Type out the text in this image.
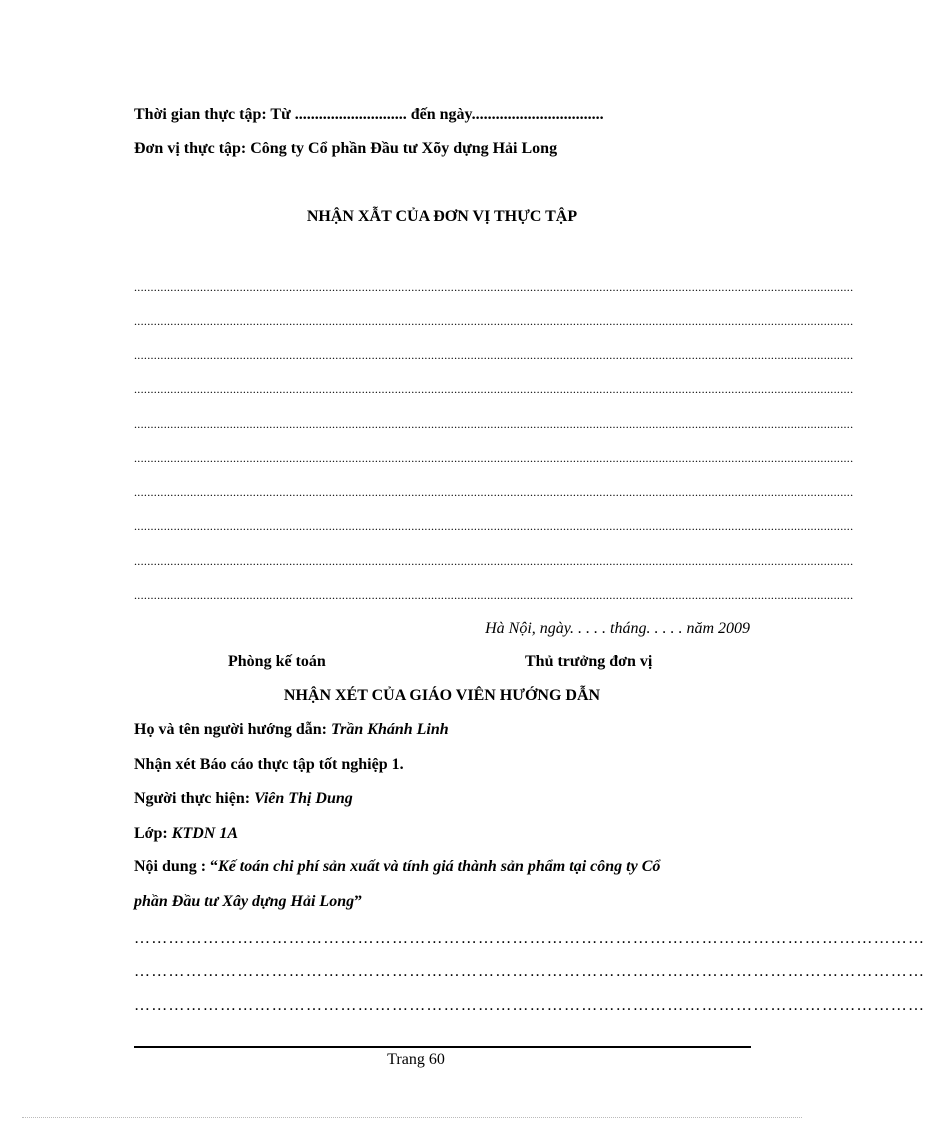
Thời gian thực tập: Từ ............................ đến ngày.................................
Đơn vị thực tập: Công ty Cổ phần Đầu tư Xõy dựng Hải Long
NHẬN XẪT CỦA ĐƠN VỊ THỰC TẬP
..........................................................................................................................................................................................................................
..........................................................................................................................................................................................................................
..........................................................................................................................................................................................................................
..........................................................................................................................................................................................................................
..........................................................................................................................................................................................................................
..........................................................................................................................................................................................................................
..........................................................................................................................................................................................................................
..........................................................................................................................................................................................................................
..........................................................................................................................................................................................................................
..........................................................................................................................................................................................................................
Hà Nội, ngày. . . . . tháng. . . . . năm 2009
Phòng kế toán	Thủ trưởng đơn vị
NHẬN XÉT CỦA GIÁO VIÊN HƯỚNG DẪN
Họ và tên người hướng dẫn: Trần Khánh Linh
Nhận xét Báo cáo thực tập tốt nghiệp 1.
Người thực hiện: Viên Thị Dung
Lớp: KTDN 1A
Nội dung : “Kế toán chi phí sản xuất và tính giá thành sản phẩm tại công ty Cổ
phần Đầu tư Xây dựng Hải Long”
…………………………………………………………………………………………………………………………
…………………………………………………………………………………………………………………………
…………………………………………………………………………………………………………………………
Trang 60
